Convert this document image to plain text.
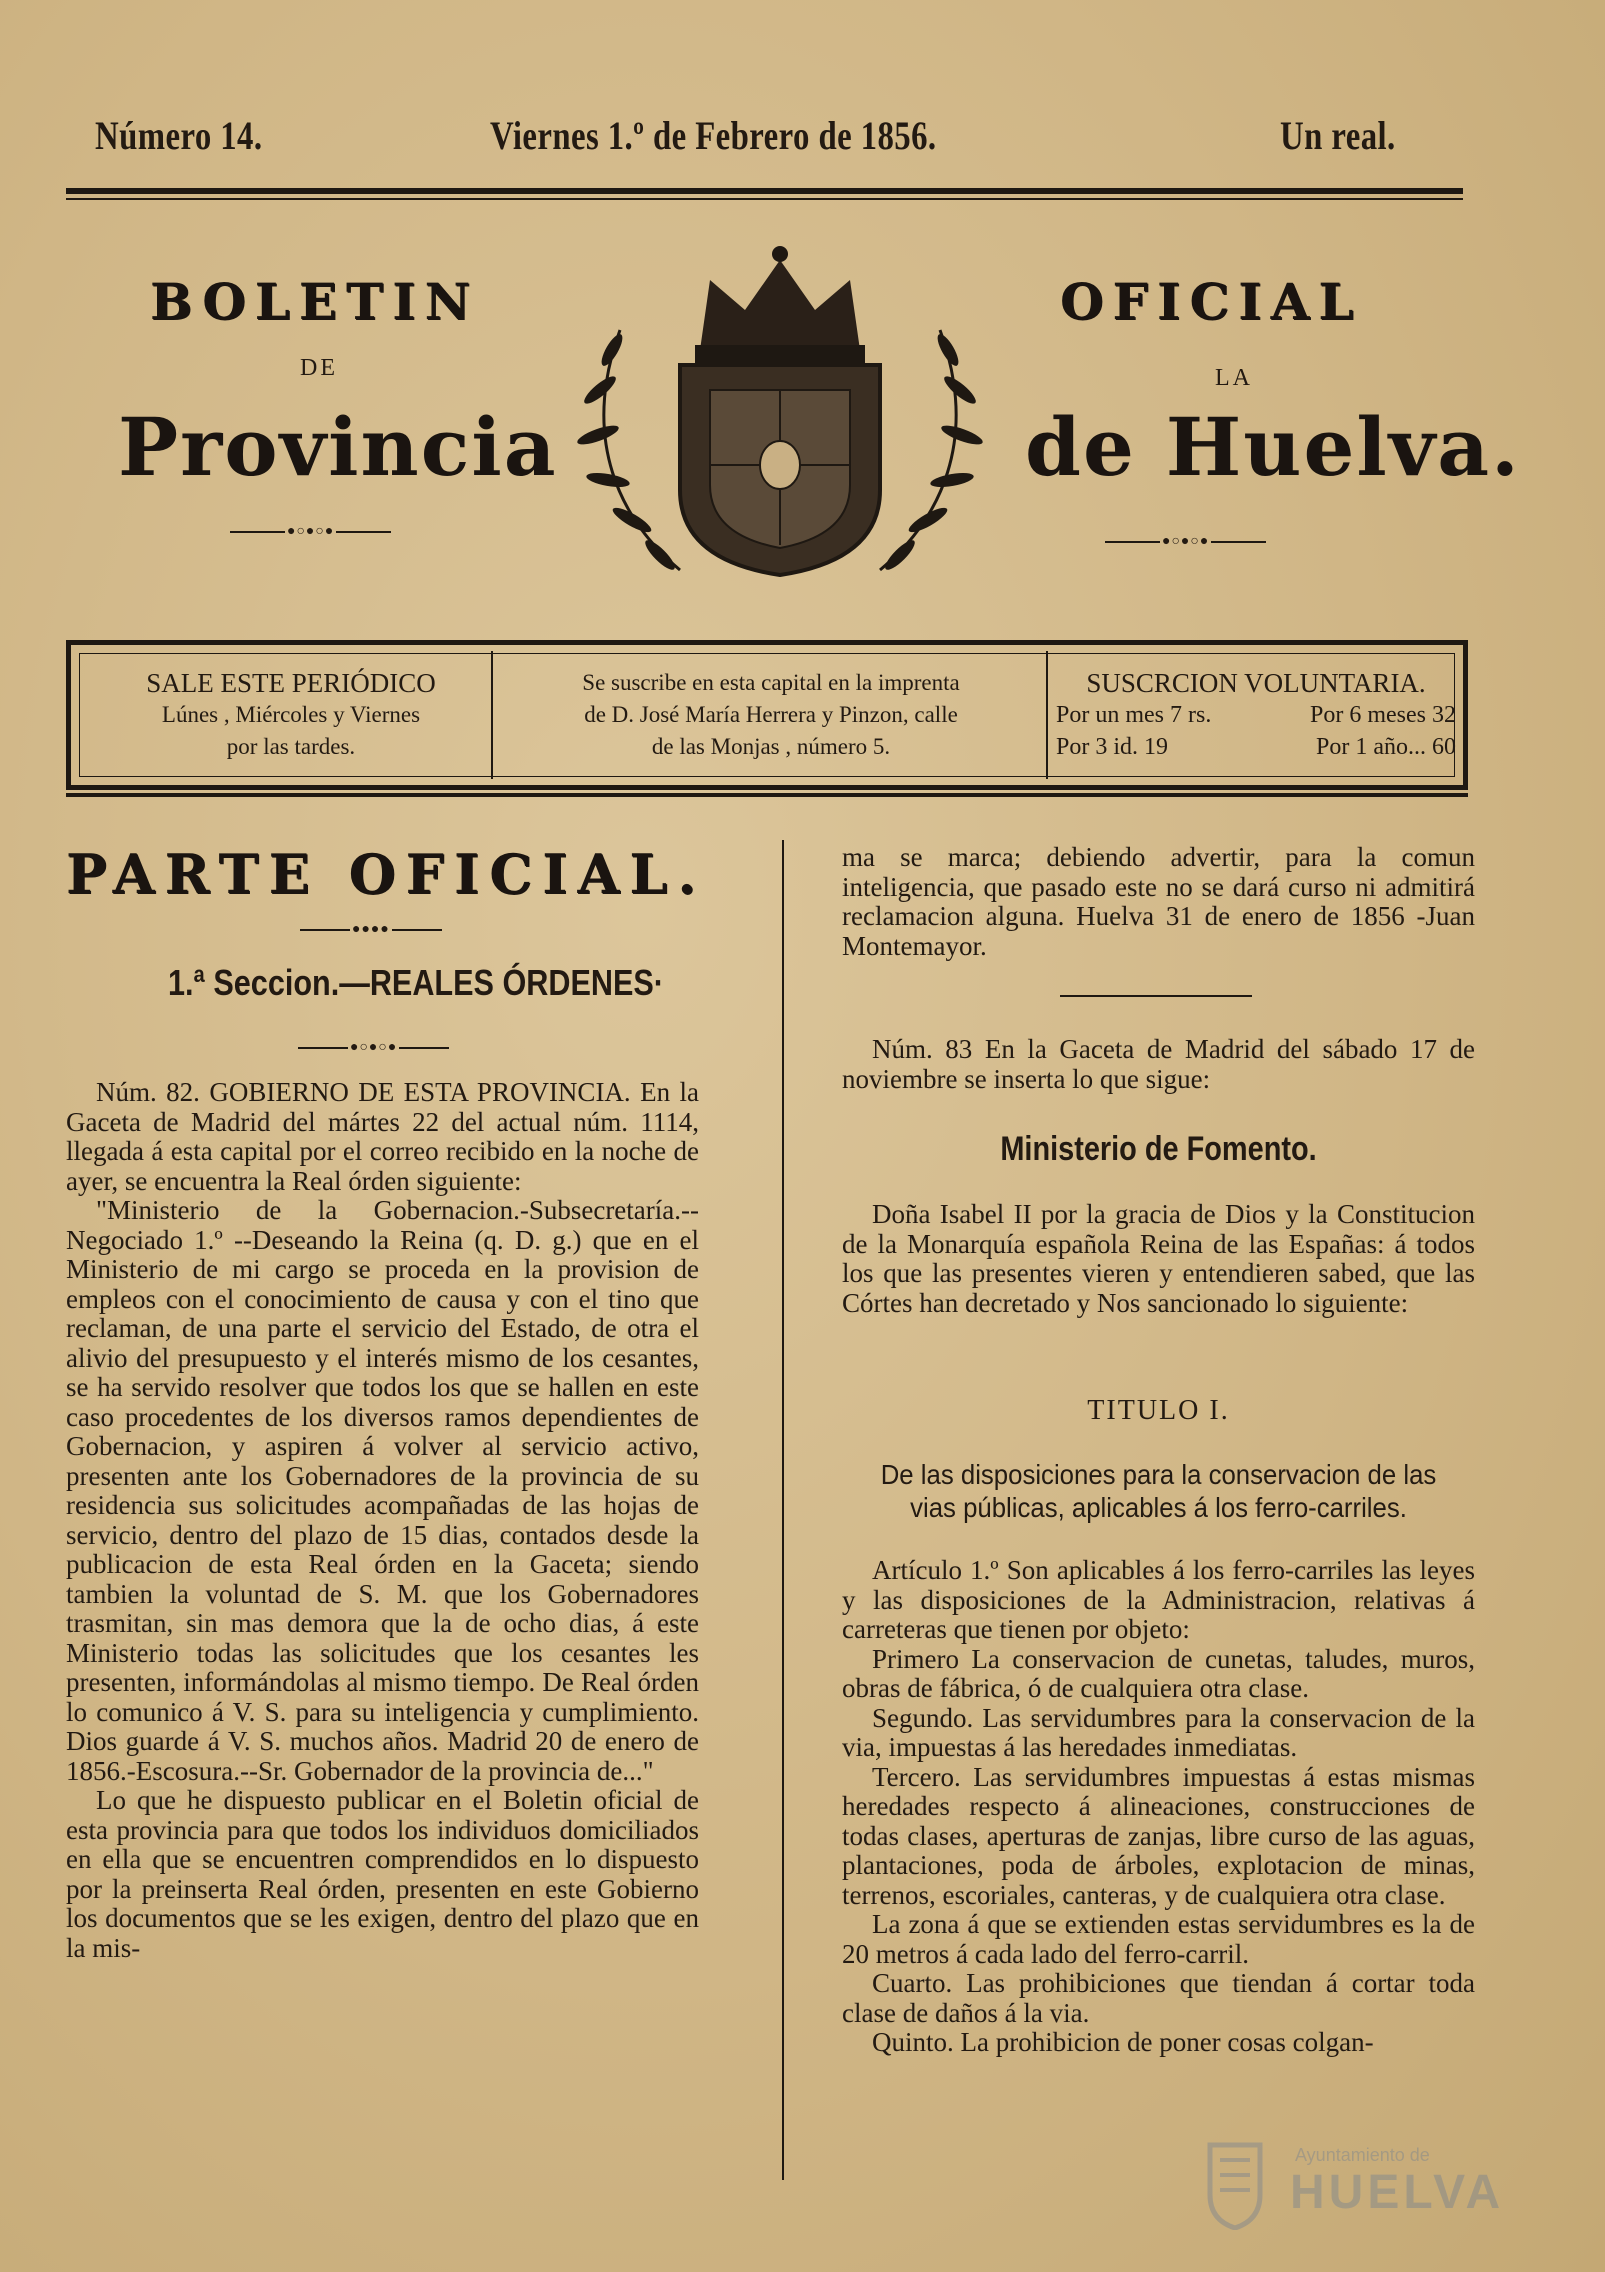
Número 14.	Viernes 1.º de Febrero de 1856.	Un real.
BOLETIN
DE
Provincia
OFICIAL
LA
de Huelva.
●○●○●
●○●○●
SALE ESTE PERIÓDICO
Lúnes , Miércoles y Viernes
por las tardes.
Se suscribe en esta capital en la imprenta
de D. José María Herrera y Pinzon, calle
de las Monjas , número 5.
SUSCRCION VOLUNTARIA.
Por un mes 7 rs.	Por 6 meses 32
Por 3 id. 19	Por 1 año... 60
PARTE OFICIAL.
●●●●
1.ª Seccion.—REALES ÓRDENES·
●○●○●

Núm. 82. GOBIERNO DE ESTA PROVINCIA. En la Gaceta de Madrid del mártes 22 del actual núm. 1114, llegada á esta capital por el correo recibido en la noche de ayer, se encuentra la Real órden siguiente:

"Ministerio de la Gobernacion.-Subsecretaría.-- Negociado 1.º --Deseando la Reina (q. D. g.) que en el Ministerio de mi cargo se proceda en la provision de empleos con el conocimiento de causa y con el tino que reclaman, de una parte el servicio del Estado, de otra el alivio del presupuesto y el interés mismo de los cesantes, se ha servido resolver que todos los que se hallen en este caso procedentes de los diversos ramos dependientes de Gobernacion, y aspiren á volver al servicio activo, presenten ante los Gobernadores de la provincia de su residencia sus solicitudes acompañadas de las hojas de servicio, dentro del plazo de 15 dias, contados desde la publicacion de esta Real órden en la Gaceta; siendo tambien la voluntad de S. M. que los Gobernadores trasmitan, sin mas demora que la de ocho dias, á este Ministerio todas las solicitudes que los cesantes les presenten, informándolas al mismo tiempo. De Real órden lo comunico á V. S. para su inteligencia y cumplimiento. Dios guarde á V. S. muchos años. Madrid 20 de enero de 1856.-Escosura.--Sr. Gobernador de la provincia de..."

Lo que he dispuesto publicar en el Boletin oficial de esta provincia para que todos los individuos domiciliados en ella que se encuentren comprendidos en lo dispuesto por la preinserta Real órden, presenten en este Gobierno los documentos que se les exigen, dentro del plazo que en la mis-

ma se marca; debiendo advertir, para la comun inteligencia, que pasado este no se dará curso ni admitirá reclamacion alguna. Huelva 31 de enero de 1856 -Juan Montemayor.

Núm. 83 En la Gaceta de Madrid del sábado 17 de noviembre se inserta lo que sigue:

Ministerio de Fomento.

Doña Isabel II por la gracia de Dios y la Constitucion de la Monarquía española Reina de las Españas: á todos los que las presentes vieren y entendieren sabed, que las Córtes han decretado y Nos sancionado lo siguiente:

TITULO I.
De las disposiciones para la conservacion de las vias públicas, aplicables á los ferro-carriles.

Artículo 1.º Son aplicables á los ferro-carriles las leyes y las disposiciones de la Administracion, relativas á carreteras que tienen por objeto:

Primero La conservacion de cunetas, taludes, muros, obras de fábrica, ó de cualquiera otra clase.

Segundo. Las servidumbres para la conservacion de la via, impuestas á las heredades inmediatas.

Tercero. Las servidumbres impuestas á estas mismas heredades respecto á alineaciones, construcciones de todas clases, aperturas de zanjas, libre curso de las aguas, plantaciones, poda de árboles, explotacion de minas, terrenos, escoriales, canteras, y de cualquiera otra clase.

La zona á que se extienden estas servidumbres es la de 20 metros á cada lado del ferro-carril.

Cuarto. Las prohibiciones que tiendan á cortar toda clase de daños á la via.

Quinto. La prohibicion de poner cosas colgan-

Ayuntamiento de
HUELVA
